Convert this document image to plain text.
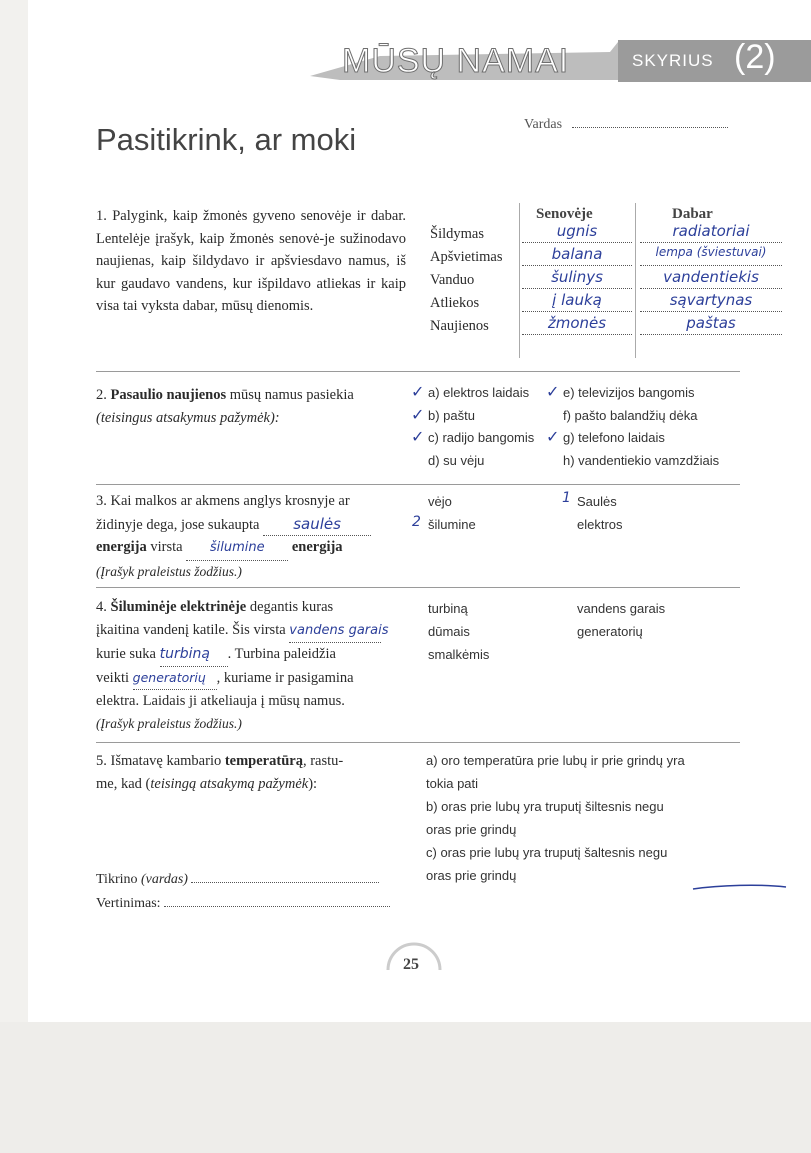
MŪSŲ NAMAI	SKYRIUS (2)
Pasitikrink, ar moki	Vardas
1. Palygink, kaip žmonės gyveno senovėje ir dabar. Lentelėje įrašyk, kaip žmonės senovė-je sužinodavo naujienas, kaip šildydavo ir apšviesdavo namus, iš kur gaudavo vandens, kur išpildavo atliekas ir kaip visa tai vyksta dabar, mūsų dienomis.
Senovėje	Dabar
Šildymas	ugnis	radiatoriai
Apšvietimas	balana	lempa (šviestuvai)
Vanduo	šulinys	vandentiekis
Atliekos	į lauką	sąvartynas
Naujienos	žmonės	paštas
2. Pasaulio naujienos mūsų namus pasiekia
(teisingus atsakymus pažymėk):
a) elektros laidais
✓
b) paštu
✓
c) radijo bangomis
✓
d) su vėju
e) televizijos bangomis
✓
f) pašto balandžių dėka
g) telefono laidais
✓
h) vandentiekio vamzdžiais
3. Kai malkos ar akmens anglys krosnyje ar
židinyje dega, jose sukaupta saulės
energija virsta šilumine energija
(Įrašyk praleistus žodžius.)
vėjo
šilumine
2
Saulės
1
elektros
4. Šiluminėje elektrinėje degantis kuras
įkaitina vandenį katile. Šis virsta vandens garais
kurie suka turbiną . Turbina paleidžia
veikti generatorių , kuriame ir pasigamina
elektra. Laidais ji atkeliauja į mūsų namus.
(Įrašyk praleistus žodžius.)
turbiną
dūmais
smalkėmis
vandens garais
generatorių
5. Išmatavę kambario temperatūrą, rastu-
me, kad (teisingą atsakymą pažymėk):
a) oro temperatūra prie lubų ir prie grindų yra
tokia pati
b) oras prie lubų yra truputį šiltesnis negu
oras prie grindų
c) oras prie lubų yra truputį šaltesnis negu
oras prie grindų
Tikrino (vardas)
Vertinimas:
25
